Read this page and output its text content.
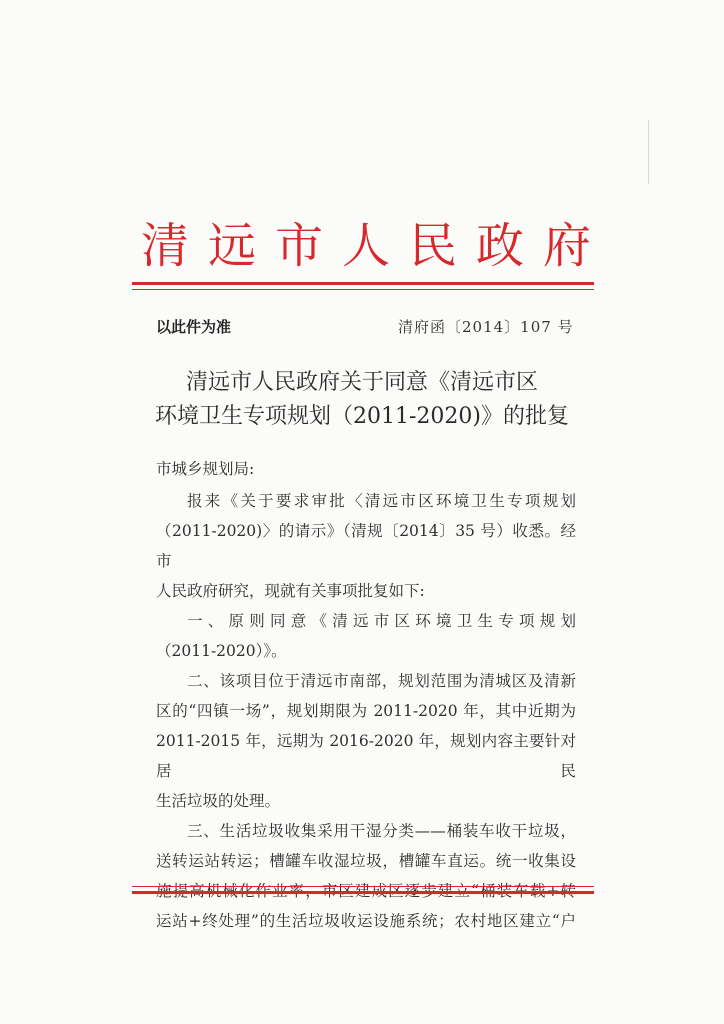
清 远 市 人 民 政 府
以此件为准	清府函〔2014〕107 号
清远市人民政府关于同意《清远市区
环境卫生专项规划（2011-2020)》的批复

市城乡规划局:

报来《关于要求审批〈清远市区环境卫生专项规划

（2011-2020)〉的请示》（清规〔2014〕35 号）收悉。经市

人民政府研究，现就有关事项批复如下:

一、原则同意《清远市区环境卫生专项规划

（2011-2020）》。

二、该项目位于清远市南部，规划范围为清城区及清新

区的“四镇一场”，规划期限为 2011-2020 年，其中近期为

2011-2015 年，远期为 2016-2020 年，规划内容主要针对居民

生活垃圾的处理。

三、生活垃圾收集采用干湿分类——桶装车收干垃圾，

送转运站转运；槽罐车收湿垃圾，槽罐车直运。统一收集设

运站+终处理”的生活垃圾收运设施系统；农村地区建立“户
